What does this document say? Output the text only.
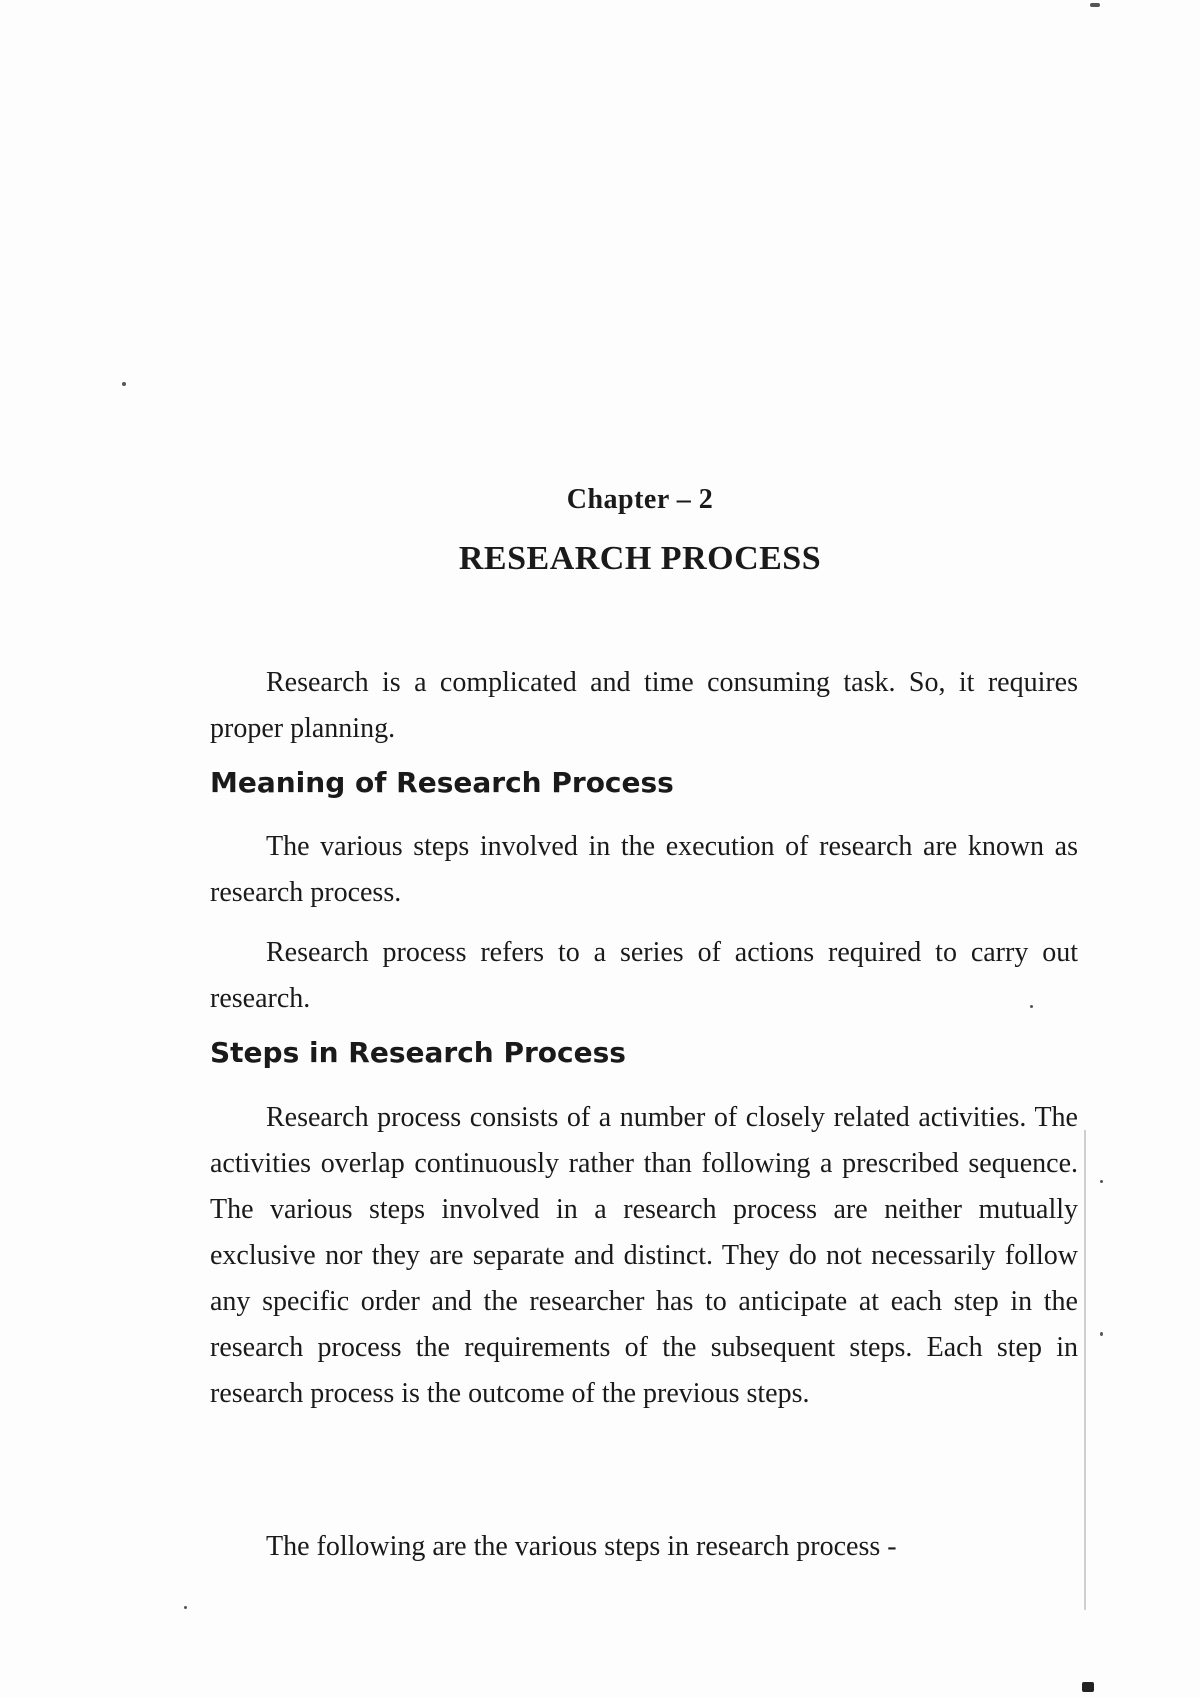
Chapter – 2
RESEARCH PROCESS

Research is a complicated and time consuming task. So, it requires proper planning.

Meaning of Research Process

The various steps involved in the execution of research are known as research process.

Research process refers to a series of actions required to carry out research.

Steps in Research Process

Research process consists of a number of closely related activities. The activities overlap continuously rather than following a prescribed sequence. The various steps involved in a research process are neither mutually exclusive nor they are separate and distinct. They do not necessarily follow any specific order and the researcher has to anticipate at each step in the research process the requirements of the subsequent steps. Each step in research process is the outcome of the previous steps.

The following are the various steps in research process -
